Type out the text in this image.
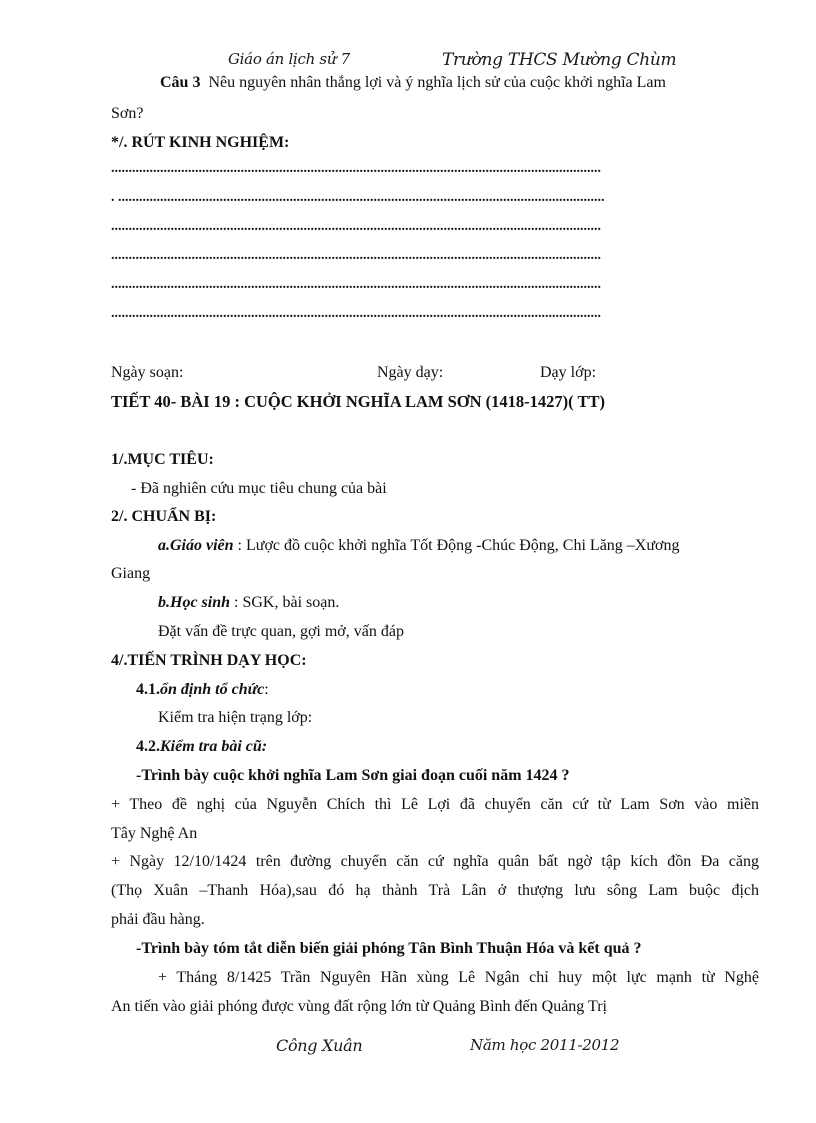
Giáo án lịch sử 7	Trường THCS Mường Chùm
Câu 3 Nêu nguyên nhân thắng lợi và ý nghĩa lịch sử của cuộc khởi nghĩa Lam
Sơn?
*/. RÚT KINH NGHIỆM:
............................................................................................................................................
. ...........................................................................................................................................
............................................................................................................................................
............................................................................................................................................
............................................................................................................................................
............................................................................................................................................
Ngày soạn:	Ngày dạy:	Dạy lớp:
TIẾT 40- BÀI 19 : CUỘC KHỞI NGHĨA LAM SƠN (1418-1427)( TT)
1/.MỤC TIÊU:
- Đã nghiên cứu mục tiêu chung của bài
2/. CHUẨN BỊ:
a.Giáo viên : Lược đồ cuộc khởi nghĩa Tốt Động -Chúc Động, Chi Lăng –Xương
Giang
b.Học sinh : SGK, bài soạn.
Đặt vấn đề trực quan, gợi mở, vấn đáp
4/.TIẾN TRÌNH DẠY HỌC:
4.1.ổn định tổ chức:
Kiểm tra hiện trạng lớp:
4.2.Kiểm tra bài cũ:
-Trình bày cuộc khởi nghĩa Lam Sơn giai đoạn cuối năm 1424 ?
+ Theo đề nghị của Nguyễn Chích thì Lê Lợi đã chuyển căn cứ từ Lam Sơn vào miền
Tây Nghệ An
+ Ngày 12/10/1424 trên đường chuyển căn cứ nghĩa quân bất ngờ tập kích đồn Đa căng
(Thọ Xuân –Thanh Hóa),sau đó hạ thành Trà Lân ở thượng lưu sông Lam buộc địch
phải đầu hàng.
-Trình bày tóm tắt diễn biến giải phóng Tân Bình Thuận Hóa và kết quả ?
+ Tháng 8/1425 Trần Nguyên Hãn xùng Lê Ngân chỉ huy một lực mạnh từ Nghệ
An tiến vào giải phóng được vùng đất rộng lớn từ Quảng Bình đến Quảng Trị
Công Xuân	Năm học 2011-2012
